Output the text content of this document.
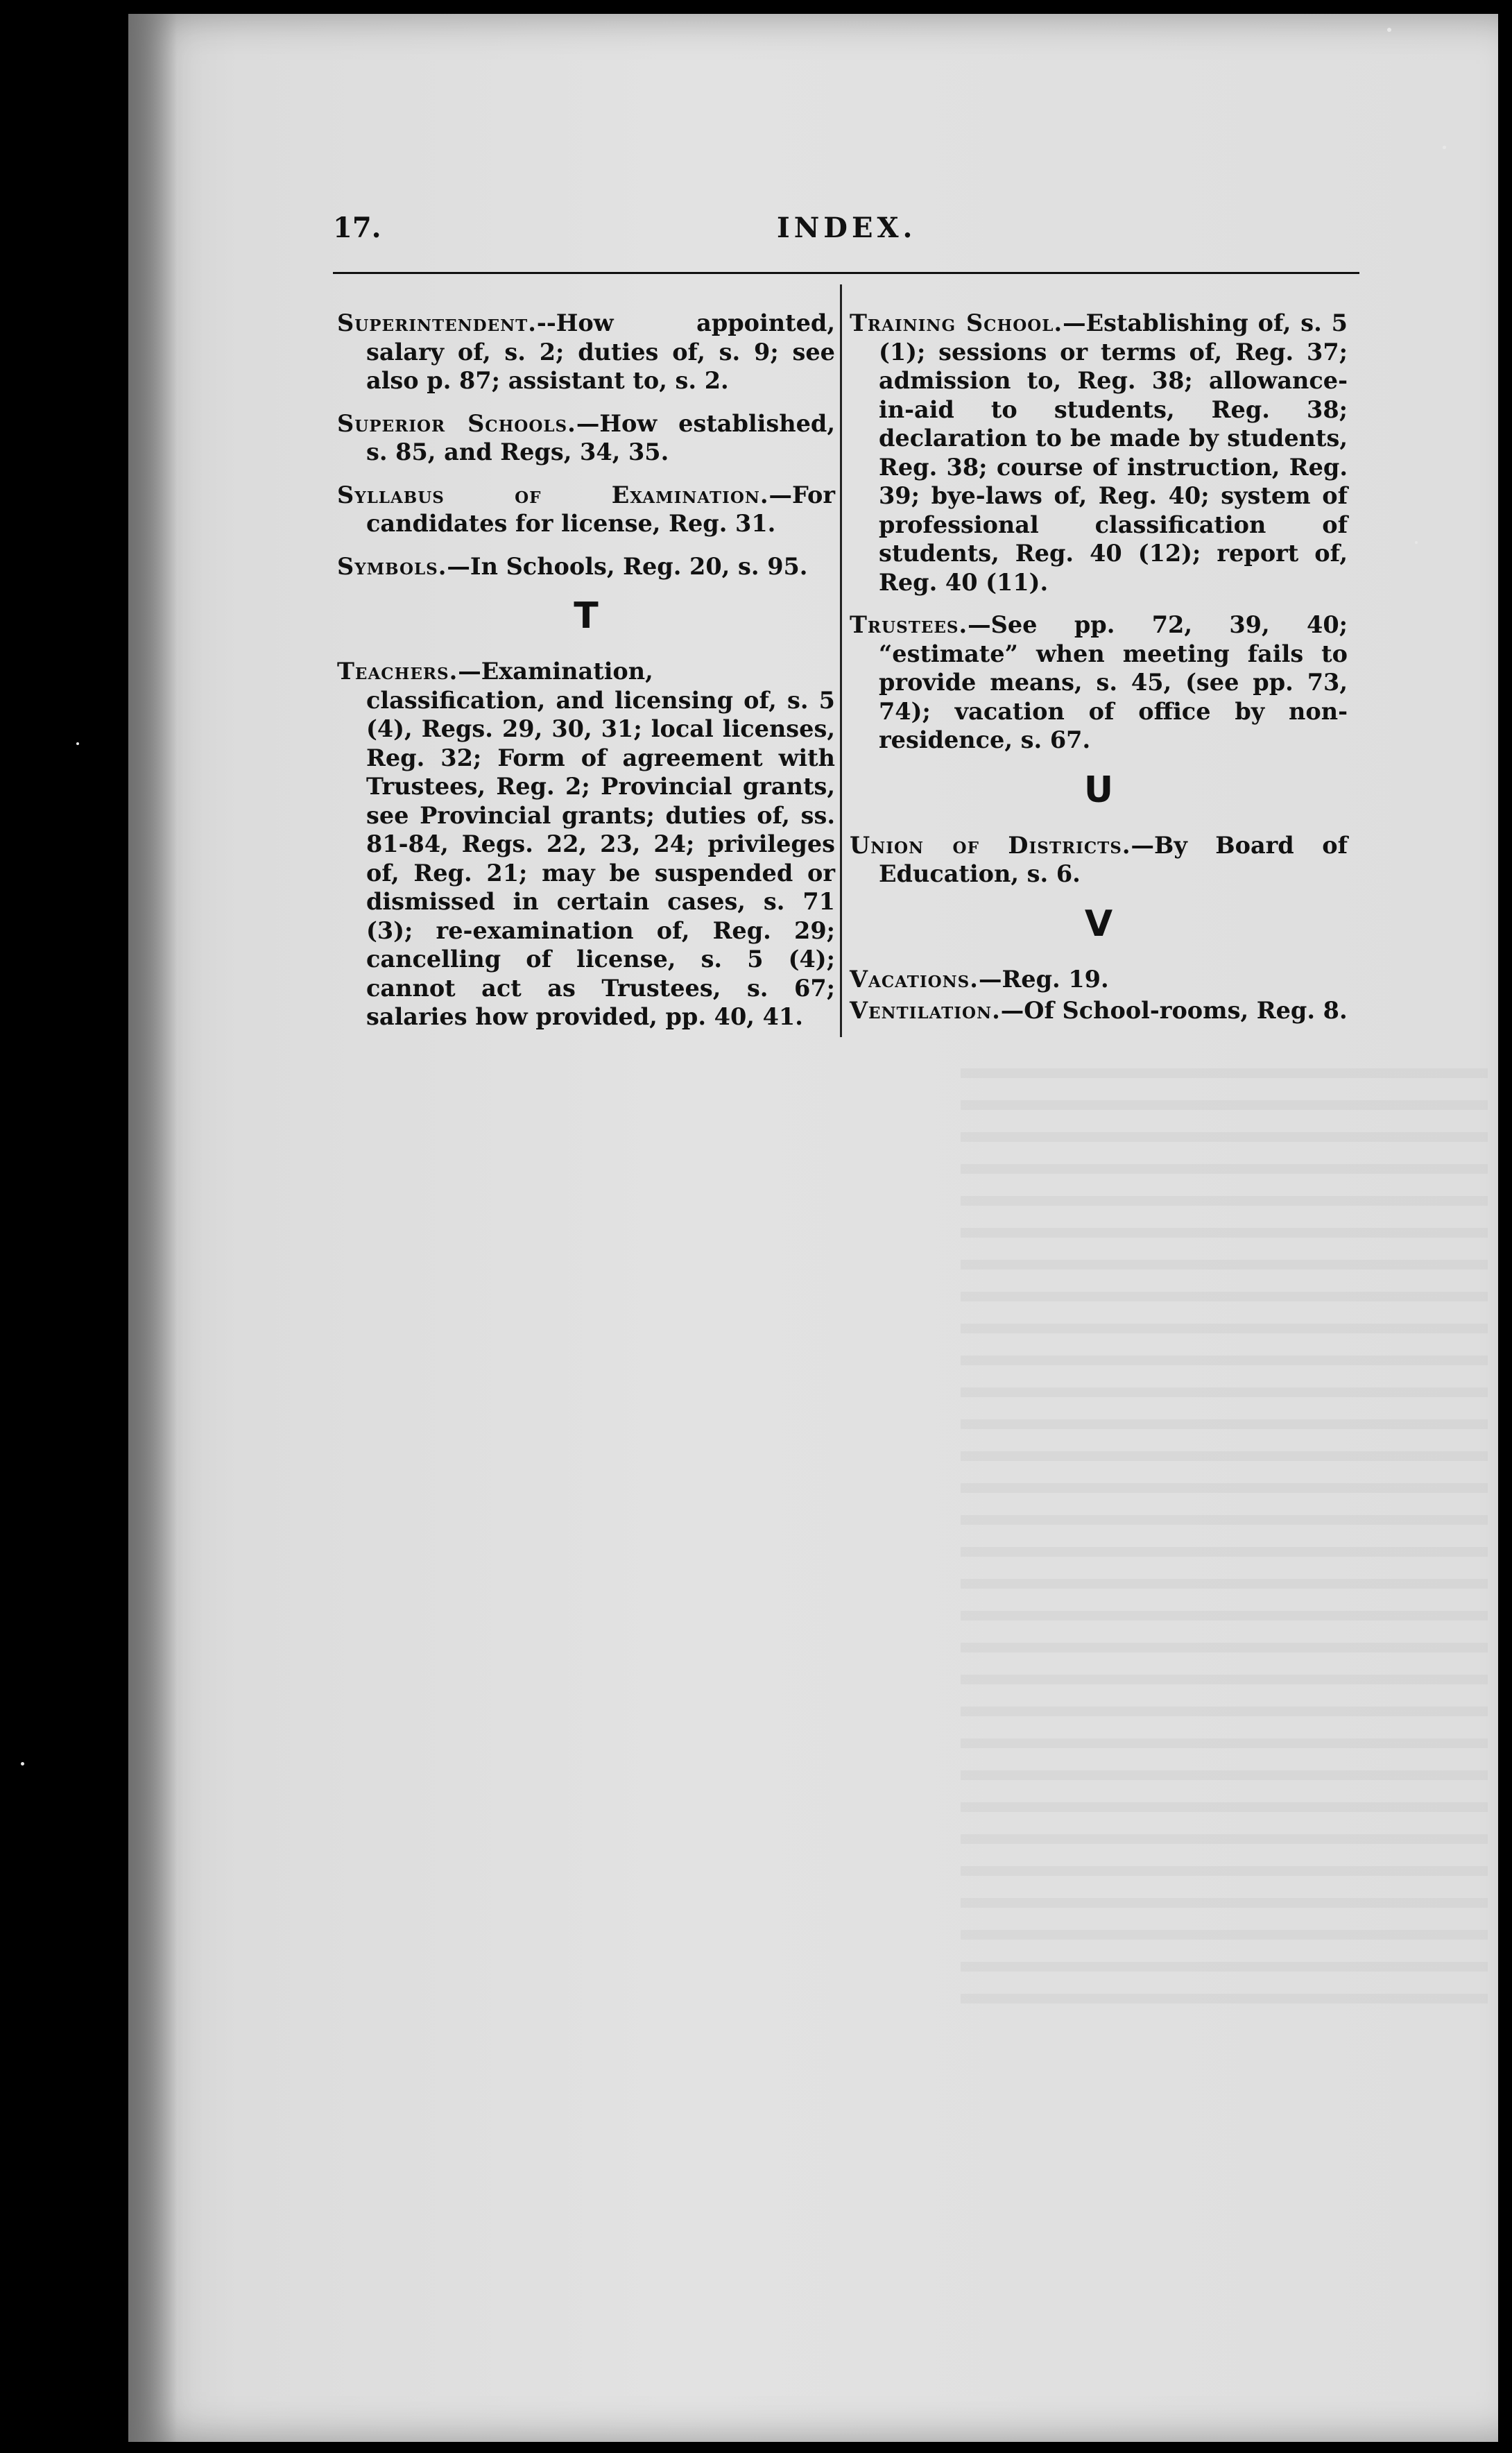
17.	INDEX.

Superintendent.--How appointed, salary of, s. 2; duties of, s. 9; see also p. 87; assistant to, s. 2.

Superior Schools.—How established, s. 85, and Regs, 34, 35.

Syllabus of Examination.—For candidates for license, Reg. 31.

Symbols.—In Schools, Reg. 20, s. 95.

T

Teachers.—Examination, classification, and licensing of, s. 5 (4), Regs. 29, 30, 31; local licenses, Reg. 32; Form of agreement with Trustees, Reg. 2; Provincial grants, see Provincial grants; duties of, ss. 81-84, Regs. 22, 23, 24; privileges of, Reg. 21; may be suspended or dismissed in certain cases, s. 71 (3); re-examination of, Reg. 29; cancelling of license, s. 5 (4); cannot act as Trustees, s. 67; salaries how provided, pp. 40, 41.

Training School.—Establishing of, s. 5 (1); sessions or terms of, Reg. 37; admission to, Reg. 38; allowance-in-aid to students, Reg. 38; declaration to be made by students, Reg. 38; course of instruction, Reg. 39; bye-laws of, Reg. 40; system of professional classification of students, Reg. 40 (12); report of, Reg. 40 (11).

Trustees.—See pp. 72, 39, 40; “estimate” when meeting fails to provide means, s. 45, (see pp. 73, 74); vacation of office by non-residence, s. 67.

U

Union of Districts.—By Board of Education, s. 6.

V

Vacations.—Reg. 19.

Ventilation.—Of School-rooms, Reg. 8.
